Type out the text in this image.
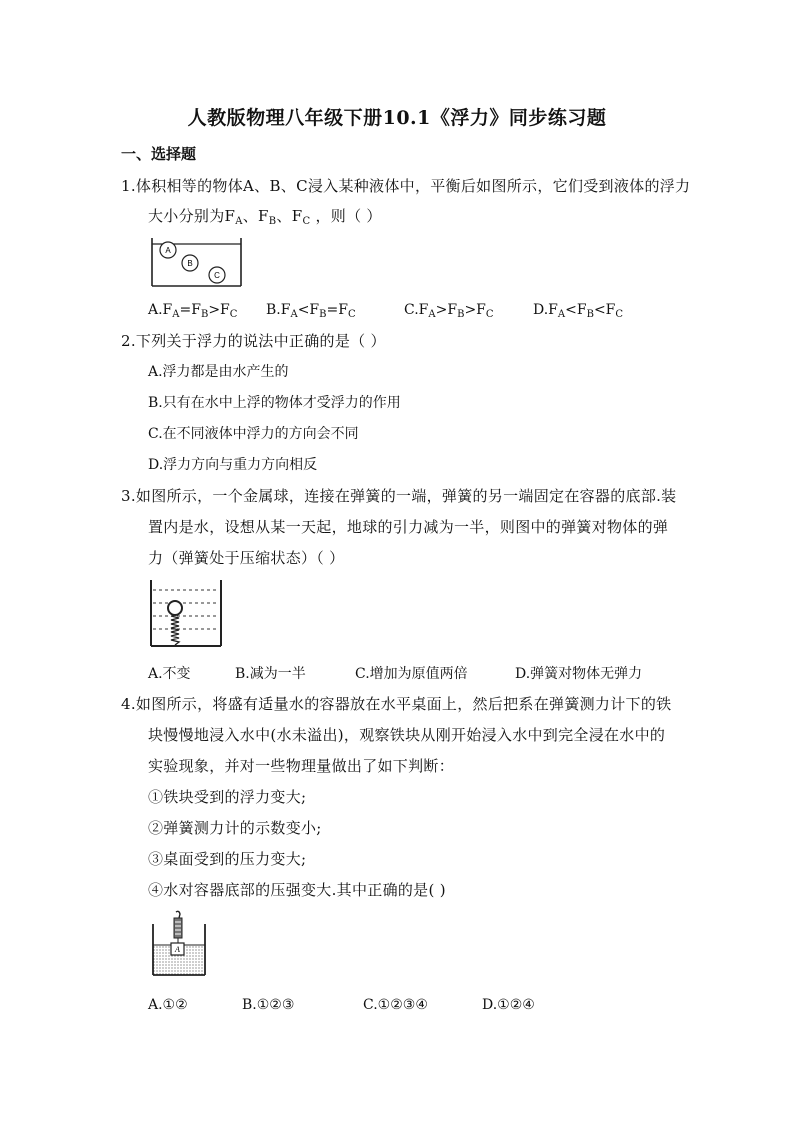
人教版物理八年级下册10.1《浮力》同步练习题
一、选择题
1.体积相等的物体A、B、C浸入某种液体中，平衡后如图所示，它们受到液体的浮力
大小分别为$F_A$、$F_B$、$F_C$ ，则（ ）
A
B
C
$A.F_A=F_B>F_C$ $B.F_A<F_B=F_C$	$C.F_A>F_B>F_C$	$D.F_A<F_B<F_C$
2.下列关于浮力的说法中正确的是（ ）
A.浮力都是由水产生的
B.只有在水中上浮的物体才受浮力的作用
C.在不同液体中浮力的方向会不同
D.浮力方向与重力方向相反
3.如图所示，一个金属球，连接在弹簧的一端，弹簧的另一端固定在容器的底部.装
置内是水，设想从某一天起，地球的引力减为一半，则图中的弹簧对物体的弹
力（弹簧处于压缩状态）（ ）
A.不变	B.减为一半	C.增加为原值两倍	D.弹簧对物体无弹力
4.如图所示，将盛有适量水的容器放在水平桌面上，然后把系在弹簧测力计下的铁
块慢慢地浸入水中(水未溢出)，观察铁块从刚开始浸入水中到完全浸在水中的
实验现象，并对一些物理量做出了如下判断：
①铁块受到的浮力变大;
②弹簧测力计的示数变小;
③桌面受到的压力变大;
④水对容器底部的压强变大.其中正确的是( )
A
A.①②	B.①②③	C.①②③④	D.①②④
